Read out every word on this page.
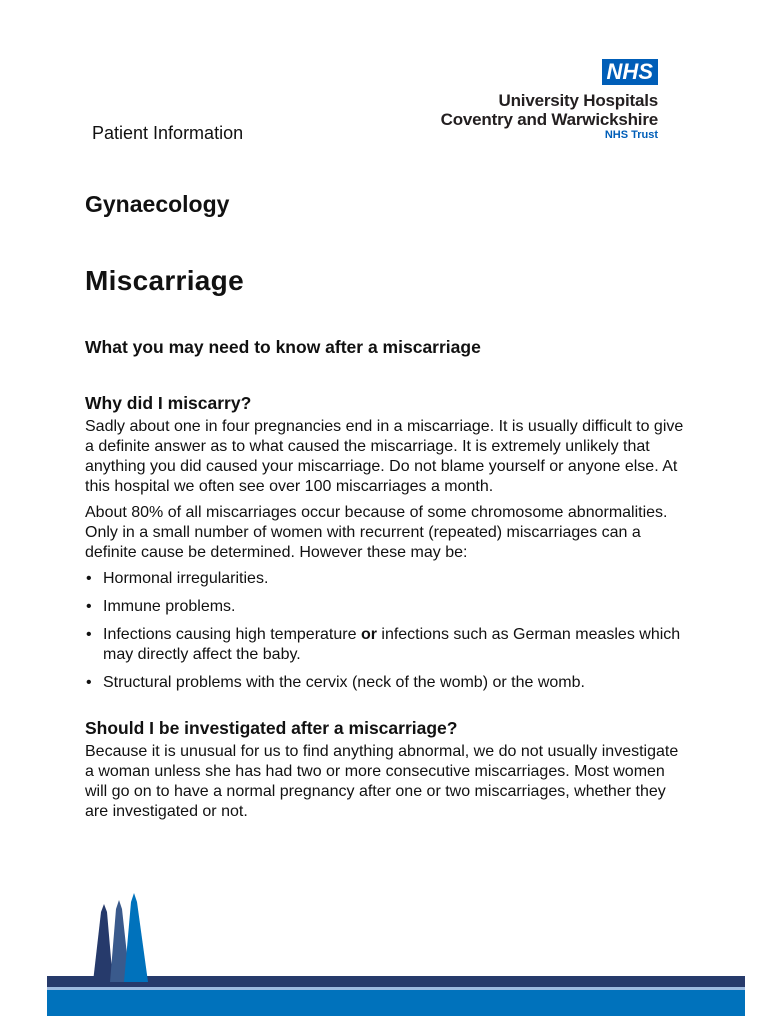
NHS
University Hospitals
Coventry and Warwickshire
NHS Trust
Patient Information
Gynaecology
Miscarriage
What you may need to know after a miscarriage
Why did I miscarry?

Sadly about one in four pregnancies end in a miscarriage. It is usually difficult to give a definite answer as to what caused the miscarriage. It is extremely unlikely that anything you did caused your miscarriage. Do not blame yourself or anyone else. At this hospital we often see over 100 miscarriages a month.

About 80% of all miscarriages occur because of some chromosome abnormalities. Only in a small number of women with recurrent (repeated) miscarriages can a definite cause be determined. However these may be:

• Hormonal irregularities.
• Immune problems.
• Infections causing high temperature or infections such as German measles which may directly affect the baby.
• Structural problems with the cervix (neck of the womb) or the womb.
Should I be investigated after a miscarriage?

Because it is unusual for us to find anything abnormal, we do not usually investigate a woman unless she has had two or more consecutive miscarriages. Most women will go on to have a normal pregnancy after one or two miscarriages, whether they are investigated or not.
